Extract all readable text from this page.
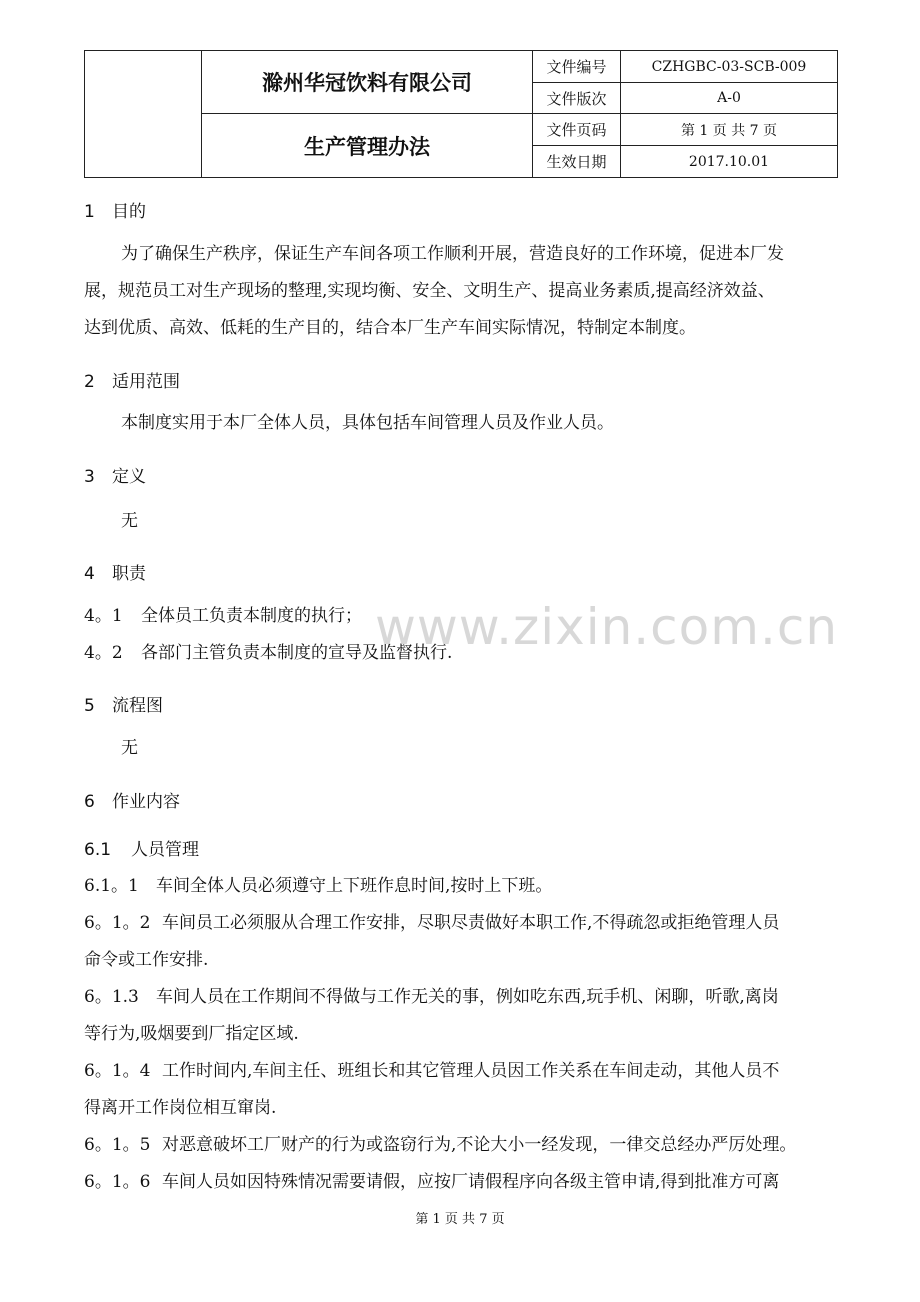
	滁州华冠饮料有限公司	文件编号	CZHGBC-03-SCB-009
		文件版次	A-0
	生产管理办法	文件页码	第 1 页 共 7 页
		生效日期	2017.10.01
1 目的
为了确保生产秩序，保证生产车间各项工作顺利开展，营造良好的工作环境，促进本厂发
展，规范员工对生产现场的整理,实现均衡、安全、文明生产、提高业务素质,提高经济效益、
达到优质、高效、低耗的生产目的，结合本厂生产车间实际情况，特制定本制度。
2 适用范围
本制度实用于本厂全体人员，具体包括车间管理人员及作业人员。
3 定义
无
4 职责
4。1 全体员工负责本制度的执行；
4。2 各部门主管负责本制度的宣导及监督执行.
5 流程图
无
6 作业内容
6.1 人员管理
6.1。1 车间全体人员必须遵守上下班作息时间,按时上下班。
6。1。2 车间员工必须服从合理工作安排，尽职尽责做好本职工作,不得疏忽或拒绝管理人员
命令或工作安排.
6。1.3 车间人员在工作期间不得做与工作无关的事，例如吃东西,玩手机、闲聊，听歌,离岗
等行为,吸烟要到厂指定区域.
6。1。4 工作时间内,车间主任、班组长和其它管理人员因工作关系在车间走动，其他人员不
得离开工作岗位相互窜岗.
6。1。5 对恶意破坏工厂财产的行为或盗窃行为,不论大小一经发现，一律交总经办严厉处理。
6。1。6 车间人员如因特殊情况需要请假，应按厂请假程序向各级主管申请,得到批准方可离
www.zixin.com.cn
第 1 页 共 7 页
